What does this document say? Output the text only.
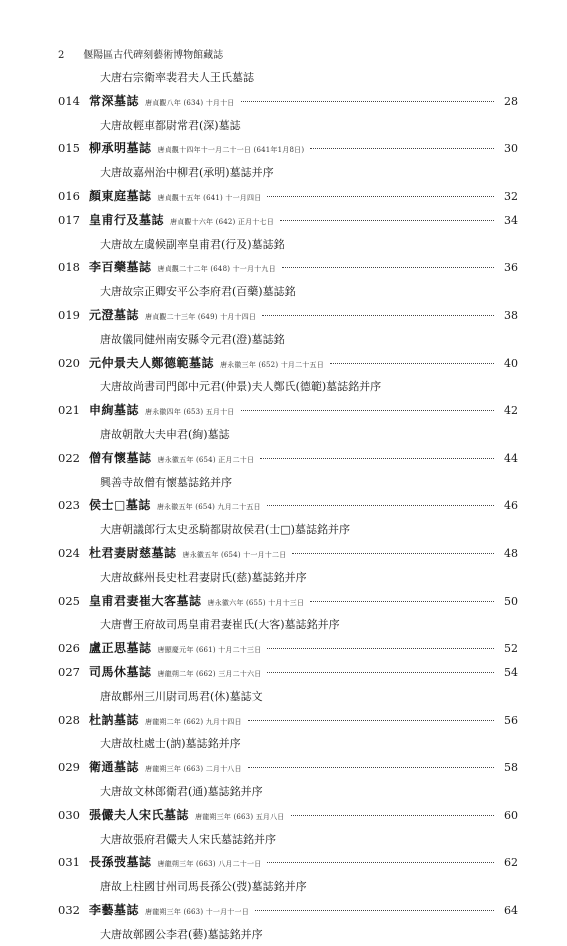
2 偃陽區古代碑刻藝術博物館藏誌
大唐右宗衛率裴君夫人王氏墓誌
014 常深墓誌 唐貞觀八年 (634) 十月十日	28
大唐故輕車都尉常君(深)墓誌
015 柳承明墓誌 唐貞觀十四年十一月二十一日 (641年1月8日)	30
大唐故嘉州治中柳君(承明)墓誌并序
016 顏東庭墓誌 唐貞觀十五年 (641) 十一月四日	32
017 皇甫行及墓誌 唐貞觀十六年 (642) 正月十七日	34
大唐故左虞候副率皇甫君(行及)墓誌銘
018 李百藥墓誌 唐貞觀二十二年 (648) 十一月十九日	36
大唐故宗正卿安平公李府君(百藥)墓誌銘
019 元澄墓誌 唐貞觀二十三年 (649) 十月十四日	38
唐故儀同健州南安縣令元君(澄)墓誌銘
020 元仲景夫人鄭德範墓誌 唐永徽三年 (652) 十月二十五日	40
大唐故尚書司門郎中元君(仲景)夫人鄭氏(德範)墓誌銘并序
021 申絢墓誌 唐永徽四年 (653) 五月十日	42
唐故朝散大夫申君(絢)墓誌
022 僧有懷墓誌 唐永徽五年 (654) 正月二十日	44
興善寺故僧有懷墓誌銘并序
023 侯士□墓誌 唐永徽五年 (654) 九月二十五日	46
大唐朝議郎行太史丞騎都尉故侯君(士□)墓誌銘并序
024 杜君妻尉慈墓誌 唐永徽五年 (654) 十一月十二日	48
大唐故蘇州長史杜君妻尉氏(慈)墓誌銘并序
025 皇甫君妻崔大客墓誌 唐永徽六年 (655) 十月十三日	50
大唐曹王府故司馬皇甫君妻崔氏(大客)墓誌銘并序
026 盧正思墓誌 唐顯慶元年 (661) 十月二十三日	52
027 司馬休墓誌 唐龍朔二年 (662) 三月二十六日	54
唐故鄜州三川尉司馬君(休)墓誌文
028 杜訥墓誌 唐龍朔二年 (662) 九月十四日	56
大唐故杜處士(訥)墓誌銘并序
029 衛通墓誌 唐龍朔三年 (663) 二月十八日	58
大唐故文林郎衛君(通)墓誌銘并序
030 張儼夫人宋氏墓誌 唐龍朔三年 (663) 五月八日	60
大唐故張府君儼夫人宋氏墓誌銘并序
031 長孫弢墓誌 唐龍朔三年 (663) 八月二十一日	62
唐故上柱國甘州司馬長孫公(弢)墓誌銘并序
032 李藝墓誌 唐龍朔三年 (663) 十一月十一日	64
大唐故鄣國公李君(藝)墓誌銘并序
